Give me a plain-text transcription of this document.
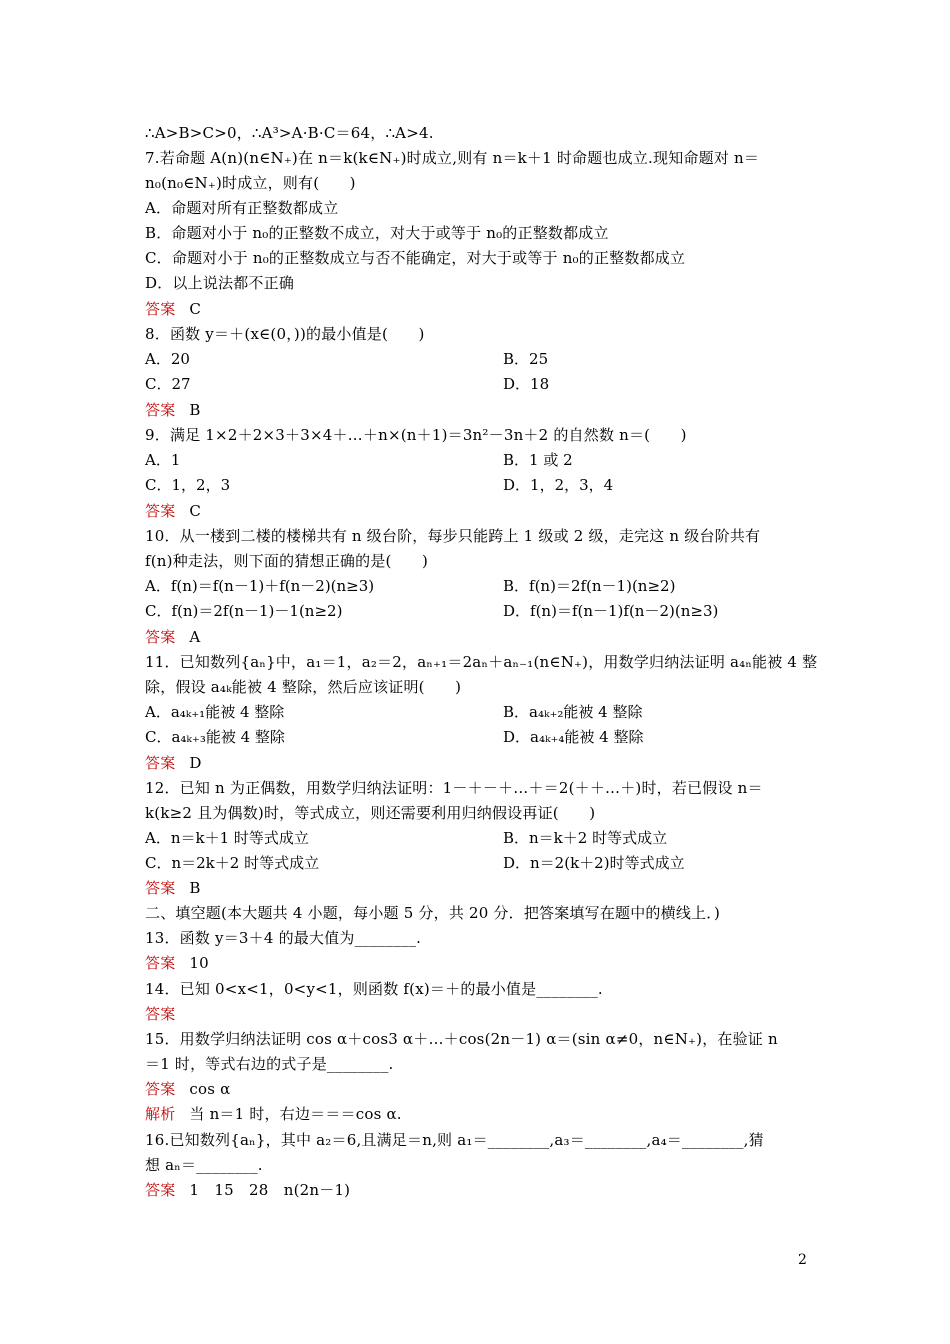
∴A>B>C>0，∴A³>A·B·C＝64，∴A>4.
7.若命题 A(n)(n∈N₊)在 n＝k(k∈N₊)时成立,则有 n＝k＋1 时命题也成立.现知命题对 n＝
n₀(n₀∈N₊)时成立，则有(　　)
A．命题对所有正整数都成立
B．命题对小于 n₀的正整数不成立，对大于或等于 n₀的正整数都成立
C．命题对小于 n₀的正整数成立与否不能确定，对大于或等于 n₀的正整数都成立
D．以上说法都不正确
8．函数 y＝＋(x∈(0，))的最小值是(　　)
9．满足 1×2＋2×3＋3×4＋…＋n×(n＋1)＝3n²－3n＋2 的自然数 n＝(　　)
10．从一楼到二楼的楼梯共有 n 级台阶，每步只能跨上 1 级或 2 级，走完这 n 级台阶共有
f(n)种走法，则下面的猜想正确的是(　　)
11．已知数列{aₙ}中，a₁＝1，a₂＝2，aₙ₊₁＝2aₙ＋aₙ₋₁(n∈N₊)，用数学归纳法证明 a₄ₙ能被 4 整
除，假设 a₄ₖ能被 4 整除，然后应该证明(　　)
12．已知 n 为正偶数，用数学归纳法证明：1－＋－＋…＋＝2(＋＋…＋)时，若已假设 n＝
k(k≥2 且为偶数)时，等式成立，则还需要利用归纳假设再证(　　)
二、填空题(本大题共 4 小题，每小题 5 分，共 20 分．把答案填写在题中的横线上．)
13．函数 y＝3＋4 的最大值为________.
14．已知 0<x<1，0<y<1，则函数 f(x)＝＋的最小值是________.
15．用数学归纳法证明 cos α＋cos3 α＋…＋cos(2n－1) α＝(sin α≠0，n∈N₊)，在验证 n
＝1 时，等式右边的式子是________.
16.已知数列{aₙ}，其中 a₂＝6,且满足＝n,则 a₁＝________,a₃＝________,a₄＝________,猜
想 aₙ＝________.
答案 C
答案 B
答案 C
答案 A
答案 D
答案 B
答案 10
答案
答案 cos α
解析 当 n＝1 时，右边＝＝＝cos α.
答案 1　15　28　n(2n－1)
A．20	B．25
C．27	D．18
A．1	B．1 或 2
C．1，2，3	D．1，2，3，4
A．f(n)＝f(n－1)＋f(n－2)(n≥3)	B．f(n)＝2f(n－1)(n≥2)
C．f(n)＝2f(n－1)－1(n≥2)	D．f(n)＝f(n－1)f(n－2)(n≥3)
A．a₄ₖ₊₁能被 4 整除	B．a₄ₖ₊₂能被 4 整除
C．a₄ₖ₊₃能被 4 整除	D．a₄ₖ₊₄能被 4 整除
A．n＝k＋1 时等式成立	B．n＝k＋2 时等式成立
C．n＝2k＋2 时等式成立	D．n＝2(k＋2)时等式成立
2
